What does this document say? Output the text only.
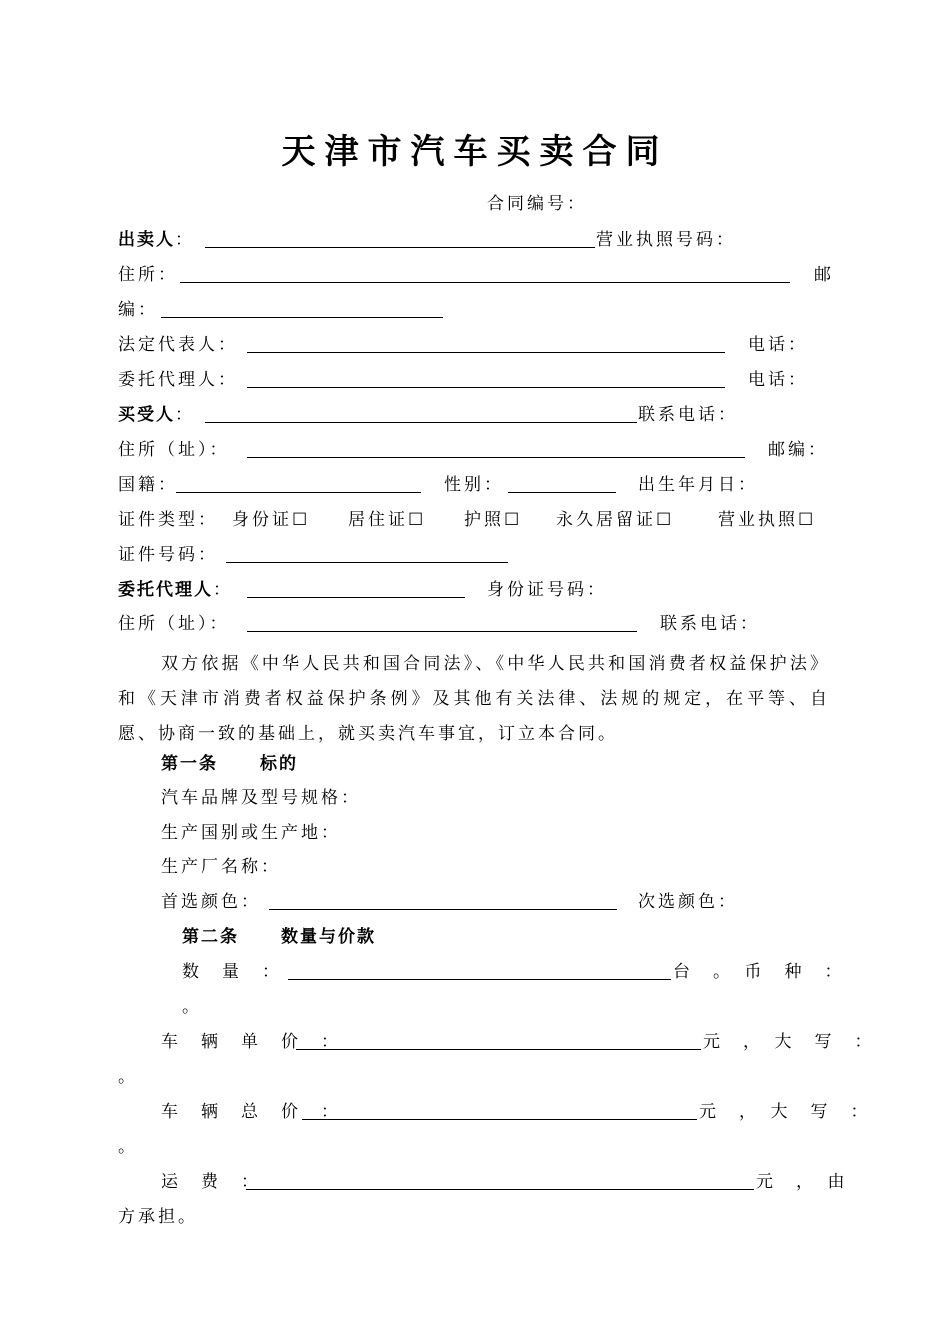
天津市汽车买卖合同
合同编号：
出卖人：	营业执照号码：
住所：	邮
编：
法定代表人：	电话：
委托代理人：	电话：
买受人：	联系电话：
住所（址）：	邮编：
国籍：	性别：	出生年月日：
证件类型： 身份证☐ 居住证☐ 护照☐ 永久居留证☐	营业执照☐
证件号码：
委托代理人：	身份证号码：
住所（址）：	联系电话：
双方依据《中华人民共和国合同法》、《中华人民共和国消费者权益保护法》和《天津市消费者权益保护条例》及其他有关法律、法规的规定，在平等、自愿、协商一致的基础上，就买卖汽车事宜，订立本合同。
第一条 标的
汽车品牌及型号规格：
生产国别或生产地：
生产厂名称：
首选颜色：	次选颜色：
第二条 数量与价款
数　量　：	台　。　币　种　：
。
车　辆　单　价　：	元　，　大　写　：
。
车　辆　总　价　：	元　，　大　写　：
。
运　费　：	元　，　由
方承担。
